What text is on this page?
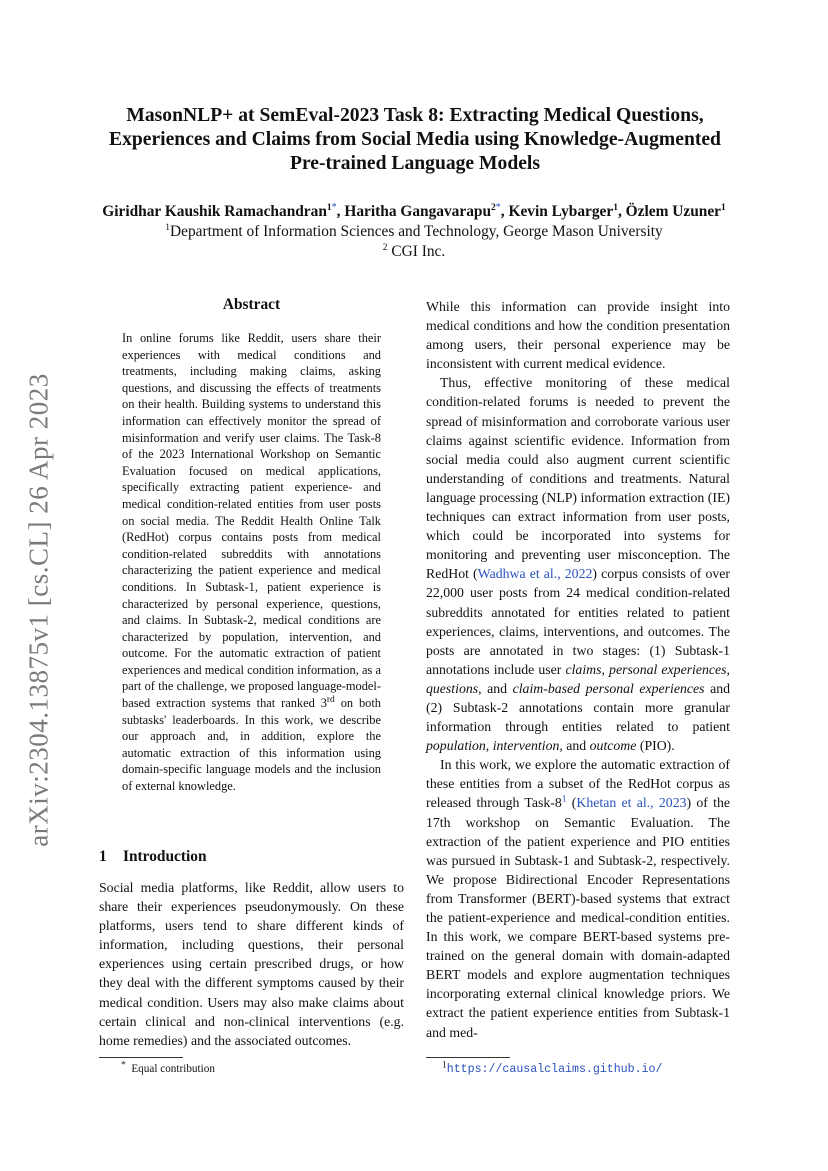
arXiv:2304.13875v1 [cs.CL] 26 Apr 2023
MasonNLP+ at SemEval-2023 Task 8: Extracting Medical Questions, Experiences and Claims from Social Media using Knowledge-Augmented Pre-trained Language Models
Giridhar Kaushik Ramachandran$^{1*}$, Haritha Gangavarapu$^{2*}$, Kevin Lybarger$^1$, Özlem Uzuner$^1$
$^1$Department of Information Sciences and Technology, George Mason University
$^2$ CGI Inc.
Abstract

In online forums like Reddit, users share their experiences with medical conditions and treatments, including making claims, asking questions, and discussing the effects of treatments on their health. Building systems to understand this information can effectively monitor the spread of misinformation and verify user claims. The Task-8 of the 2023 International Workshop on Semantic Evaluation focused on medical applications, specifically extracting patient experience- and medical condition-related entities from user posts on social media. The Reddit Health Online Talk (RedHot) corpus contains posts from medical condition-related subreddits with annotations characterizing the patient experience and medical conditions. In Subtask-1, patient experience is characterized by personal experience, questions, and claims. In Subtask-2, medical conditions are characterized by population, intervention, and outcome. For the automatic extraction of patient experiences and medical condition information, as a part of the challenge, we proposed language-model-based extraction systems that ranked 3rd on both subtasks' leaderboards. In this work, we describe our approach and, in addition, explore the automatic extraction of this information using domain-specific language models and the inclusion of external knowledge.

1 Introduction

Social media platforms, like Reddit, allow users to share their experiences pseudonymously. On these platforms, users tend to share different kinds of information, including questions, their personal experiences using certain prescribed drugs, or how they deal with the different symptoms caused by their medical condition. Users may also make claims about certain clinical and non-clinical interventions (e.g. home remedies) and the associated outcomes.

While this information can provide insight into medical conditions and how the condition presentation among users, their personal experience may be inconsistent with current medical evidence.

Thus, effective monitoring of these medical condition-related forums is needed to prevent the spread of misinformation and corroborate various user claims against scientific evidence. Information from social media could also augment current scientific understanding of conditions and treatments. Natural language processing (NLP) information extraction (IE) techniques can extract information from user posts, which could be incorporated into systems for monitoring and preventing user misconception. The RedHot (Wadhwa et al., 2022) corpus consists of over 22,000 user posts from 24 medical condition-related subreddits annotated for entities related to patient experiences, claims, interventions, and outcomes. The posts are annotated in two stages: (1) Subtask-1 annotations include user claims, personal experiences, questions, and claim-based personal experiences and (2) Subtask-2 annotations contain more granular information through entities related to patient population, intervention, and outcome (PIO).

In this work, we explore the automatic extraction of these entities from a subset of the RedHot corpus as released through Task-8$^1$ (Khetan et al., 2023) of the 17th workshop on Semantic Evaluation. The extraction of the patient experience and PIO entities was pursued in Subtask-1 and Subtask-2, respectively. We propose Bidirectional Encoder Representations from Transformer (BERT)-based systems that extract the patient-experience and medical-condition entities. In this work, we compare BERT-based systems pre-trained on the general domain with domain-adapted BERT models and explore augmentation techniques incorporating external clinical knowledge priors. We extract the patient experience entities from Subtask-1 and med-

* Equal contribution	$^1$https://causalclaims.github.io/
